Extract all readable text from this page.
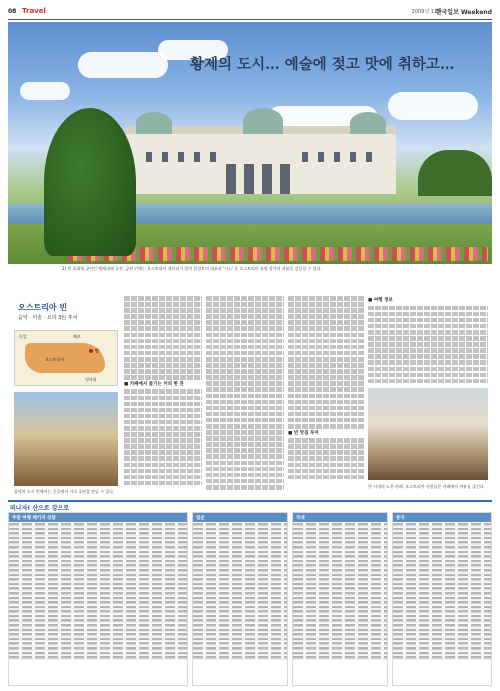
08 Travel	2009년 11월
한국일보 Weekend
황제의 도시… 예술에 젖고 맛에 취하고…
1) 빈 초대형 궁전인 벨베데레 궁전. 궁전 안에는 오스트리아 갤러리가 있어 클림트의 대표작 '키스' 등 오스트리아 유명 작가의 작품을 감상할 수 있다.
오스트리아 빈
음악 · 미술 · 요리 3色 투어
독일	체코
빈
오스트리아
헝가리
음악의 도시 빈에서는 곳곳에서 거리 공연을 만날 수 있다.
■ 카페에서 즐기는 커피 한 잔
■ 빈 맛집 투어
■ 여행 정보
빈 시내의 노천 카페. 오스트리아 사람들은 카페에서 여유를 즐긴다.
떠나자! 산으로 강으로
주말 여행 패키지 상품	일본	국내	중국
